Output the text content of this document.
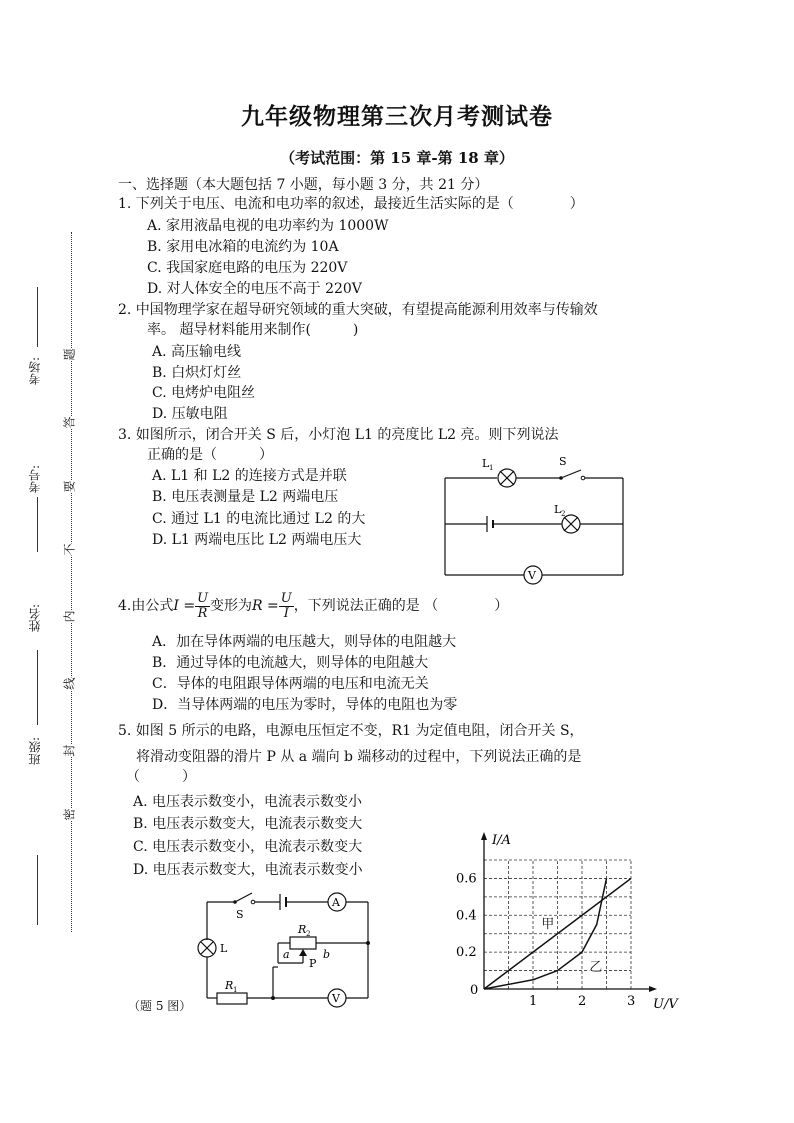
九年级物理第三次月考测试卷
（考试范围：第 15 章-第 18 章）
一、选择题（本大题包括 7 小题，每小题 3 分，共 21 分）
考场:
考号:
姓名:
班级:
题
答
要
不
内
线
封
密
1. 下列关于电压、电流和电功率的叙述，最接近生活实际的是（　　　　）
A. 家用液晶电视的电功率约为 1000W
B. 家用电冰箱的电流约为 10A
C. 我国家庭电路的电压为 220V
D. 对人体安全的电压不高于 220V
2. 中国物理学家在超导研究领域的重大突破，有望提高能源利用效率与传输效
率。 超导材料能用来制作(　　　)
A. 高压输电线
B. 白炽灯灯丝
C. 电烤炉电阻丝
D. 压敏电阻
3. 如图所示，闭合开关 S 后，小灯泡 L1 的亮度比 L2 亮。则下列说法
正确的是（　　　）
A. L1 和 L2 的连接方式是并联
B. 电压表测量是 L2 两端电压
C. 通过 L1 的电流比通过 L2 的大
D. L1 两端电压比 L2 两端电压大
L 1	S
L 2
V
4.由公式$I = \frac{U}{R}$ 变形为$R = \frac{U}{I}$ ，下列说法正确的是 （　　　　）
A．加在导体两端的电压越大，则导体的电阻越大
B．通过导体的电流越大，则导体的电阻越大
C．导体的电阻跟导体两端的电压和电流无关
D．当导体两端的电压为零时，导体的电阻也为零
5. 如图 5 所示的电路，电源电压恒定不变，R1 为定值电阻，闭合开关 S，
将滑动变阻器的滑片 P 从 a 端向 b 端移动的过程中，下列说法正确的是
（　　　）
A. 电压表示数变小，电流表示数变小
B. 电压表示数变大，电流表示数变大
C. 电压表示数变小，电流表示数变大
D. 电压表示数变大，电流表示数变小
S
L
A
V
R 1
R 2
a	b
P
（题 5 图）	1	2	3
0.2
0.4
0.6
0
U/V
I/A
甲
乙
